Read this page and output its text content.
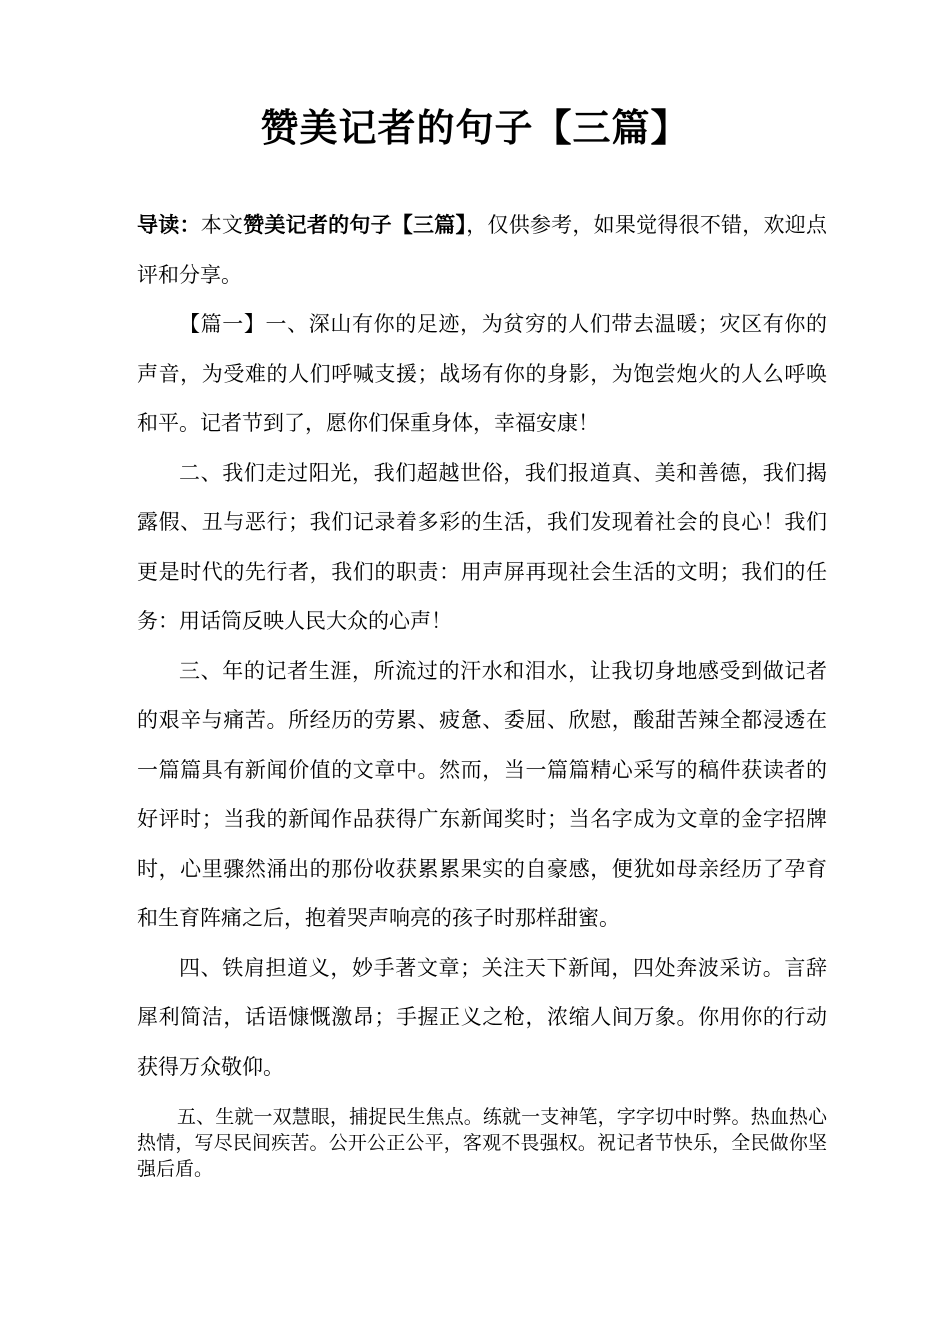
赞美记者的句子【三篇】

导读：本文赞美记者的句子【三篇】，仅供参考，如果觉得很不错，欢迎点评和分享。

【篇一】一、深山有你的足迹，为贫穷的人们带去温暖；灾区有你的声音，为受难的人们呼喊支援；战场有你的身影，为饱尝炮火的人么呼唤和平。记者节到了，愿你们保重身体，幸福安康！

二、我们走过阳光，我们超越世俗，我们报道真、美和善德，我们揭露假、丑与恶行；我们记录着多彩的生活，我们发现着社会的良心！我们更是时代的先行者，我们的职责：用声屏再现社会生活的文明；我们的任务：用话筒反映人民大众的心声！

三、年的记者生涯，所流过的汗水和泪水，让我切身地感受到做记者的艰辛与痛苦。所经历的劳累、疲惫、委屈、欣慰，酸甜苦辣全都浸透在一篇篇具有新闻价值的文章中。然而，当一篇篇精心采写的稿件获读者的好评时；当我的新闻作品获得广东新闻奖时；当名字成为文章的金字招牌时，心里骤然涌出的那份收获累累果实的自豪感，便犹如母亲经历了孕育和生育阵痛之后，抱着哭声响亮的孩子时那样甜蜜。

四、铁肩担道义，妙手著文章；关注天下新闻，四处奔波采访。言辞犀利简洁，话语慷慨激昂；手握正义之枪，浓缩人间万象。你用你的行动获得万众敬仰。

五、生就一双慧眼，捕捉民生焦点。练就一支神笔，字字切中时弊。热血热心热情，写尽民间疾苦。公开公正公平，客观不畏强权。祝记者节快乐，全民做你坚强后盾。
